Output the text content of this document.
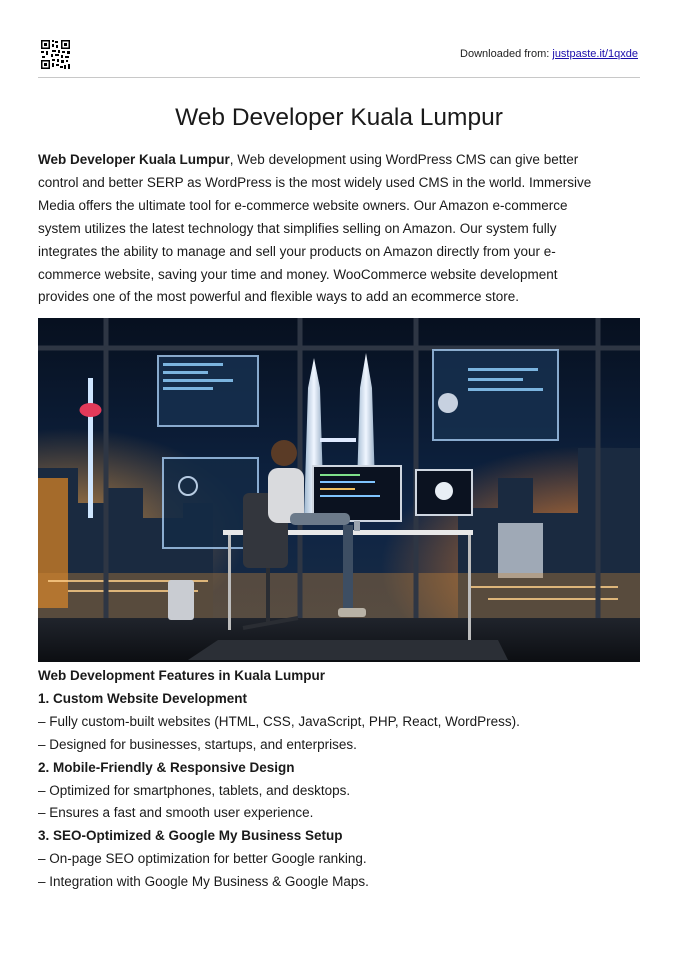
Downloaded from: justpaste.it/1qxde
Web Developer Kuala Lumpur

Web Developer Kuala Lumpur, Web development using WordPress CMS can give better
control and better SERP as WordPress is the most widely used CMS in the world. Immersive
Media offers the ultimate tool for e-commerce website owners. Our Amazon e-commerce
system utilizes the latest technology that simplifies selling on Amazon. Our system fully
integrates the ability to manage and sell your products on Amazon directly from your e-
commerce website, saving your time and money. WooCommerce website development
provides one of the most powerful and flexible ways to add an ecommerce store.

Web Development Features in Kuala Lumpur
1. Custom Website Development
– Fully custom-built websites (HTML, CSS, JavaScript, PHP, React, WordPress).
– Designed for businesses, startups, and enterprises.
2. Mobile-Friendly & Responsive Design
– Optimized for smartphones, tablets, and desktops.
– Ensures a fast and smooth user experience.
3. SEO-Optimized & Google My Business Setup
– On-page SEO optimization for better Google ranking.
– Integration with Google My Business & Google Maps.
